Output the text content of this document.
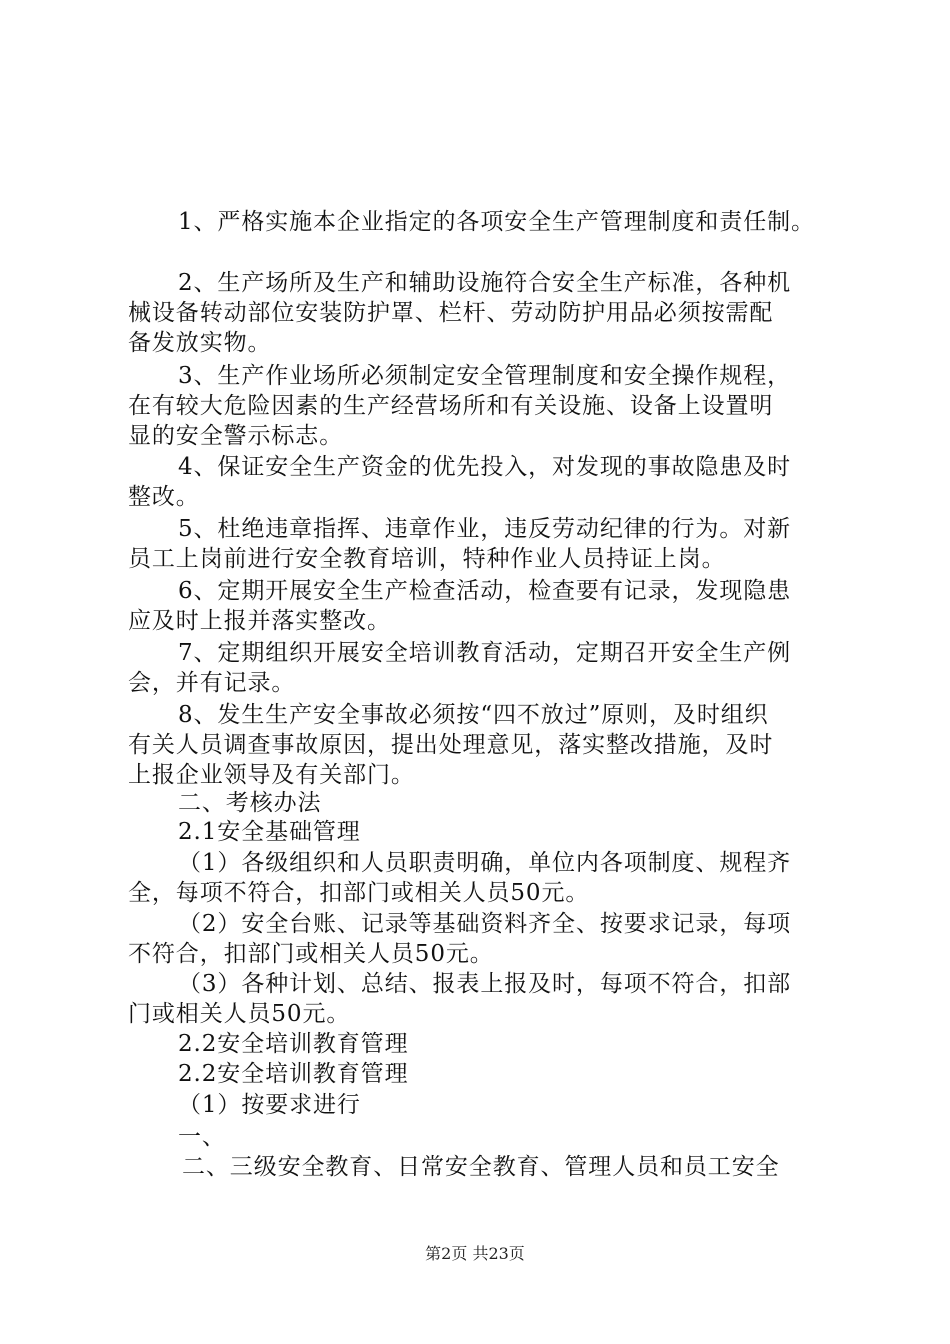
1、严格实施本企业指定的各项安全生产管理制度和责任制。
2、生产场所及生产和辅助设施符合安全生产标准，各种机
械设备转动部位安装防护罩、栏杆、劳动防护用品必须按需配
备发放实物。
3、生产作业场所必须制定安全管理制度和安全操作规程，
在有较大危险因素的生产经营场所和有关设施、设备上设置明
显的安全警示标志。
4、保证安全生产资金的优先投入，对发现的事故隐患及时
整改。
5、杜绝违章指挥、违章作业，违反劳动纪律的行为。对新
员工上岗前进行安全教育培训，特种作业人员持证上岗。
6、定期开展安全生产检查活动，检查要有记录，发现隐患
应及时上报并落实整改。
7、定期组织开展安全培训教育活动，定期召开安全生产例
会，并有记录。
8、发生生产安全事故必须按“四不放过”原则，及时组织
有关人员调查事故原因，提出处理意见，落实整改措施，及时
上报企业领导及有关部门。
二、考核办法
2.1安全基础管理
（1）各级组织和人员职责明确，单位内各项制度、规程齐
全，每项不符合，扣部门或相关人员50元。
（2）安全台账、记录等基础资料齐全、按要求记录，每项
不符合，扣部门或相关人员50元。
（3）各种计划、总结、报表上报及时，每项不符合，扣部
门或相关人员50元。
2.2安全培训教育管理
2.2安全培训教育管理
（1）按要求进行
一、
二、三级安全教育、日常安全教育、管理人员和员工安全
第2页 共23页
